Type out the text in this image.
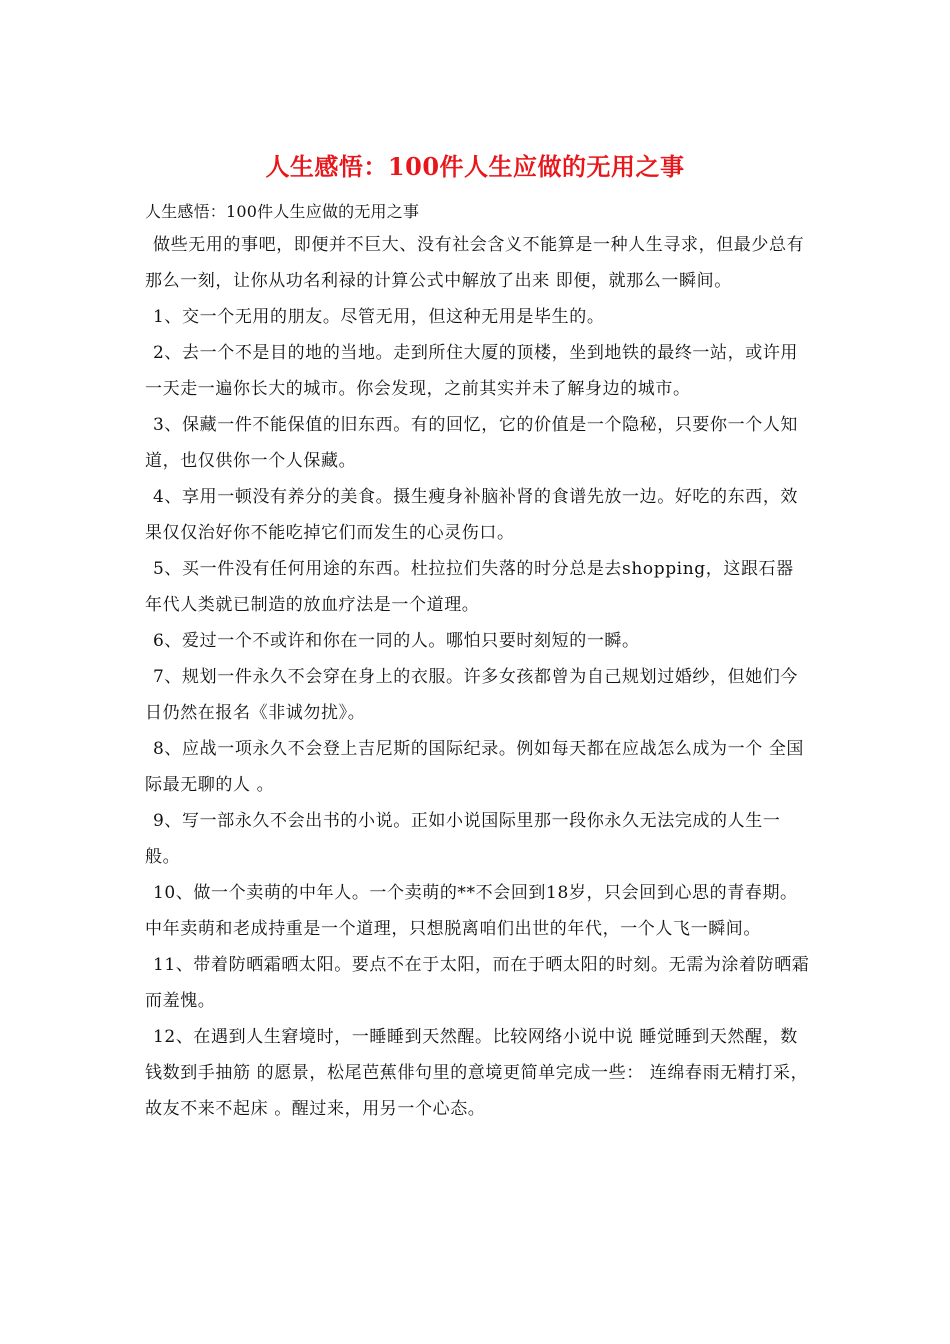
人生感悟：100件人生应做的无用之事

人生感悟：100件人生应做的无用之事

做些无用的事吧，即便并不巨大、没有社会含义不能算是一种人生寻求，但最少总有那么一刻，让你从功名利禄的计算公式中解放了出来 即便，就那么一瞬间。

1、交一个无用的朋友。尽管无用，但这种无用是毕生的。

2、去一个不是目的地的当地。走到所住大厦的顶楼，坐到地铁的最终一站，或许用一天走一遍你长大的城市。你会发现，之前其实并未了解身边的城市。

3、保藏一件不能保值的旧东西。有的回忆，它的价值是一个隐秘，只要你一个人知道，也仅供你一个人保藏。

4、享用一顿没有养分的美食。摄生瘦身补脑补肾的食谱先放一边。好吃的东西，效果仅仅治好你不能吃掉它们而发生的心灵伤口。

5、买一件没有任何用途的东西。杜拉拉们失落的时分总是去shopping，这跟石器年代人类就已制造的放血疗法是一个道理。

6、爱过一个不或许和你在一同的人。哪怕只要时刻短的一瞬。

7、规划一件永久不会穿在身上的衣服。许多女孩都曾为自己规划过婚纱，但她们今日仍然在报名《非诚勿扰》。

8、应战一项永久不会登上吉尼斯的国际纪录。例如每天都在应战怎么成为一个 全国际最无聊的人 。

9、写一部永久不会出书的小说。正如小说国际里那一段你永久无法完成的人生一般。

10、做一个卖萌的中年人。一个卖萌的**不会回到18岁，只会回到心思的青春期。中年卖萌和老成持重是一个道理，只想脱离咱们出世的年代，一个人飞一瞬间。

11、带着防晒霜晒太阳。要点不在于太阳，而在于晒太阳的时刻。无需为涂着防晒霜而羞愧。

12、在遇到人生窘境时，一睡睡到天然醒。比较网络小说中说 睡觉睡到天然醒，数钱数到手抽筋 的愿景，松尾芭蕉俳句里的意境更简单完成一些： 连绵春雨无精打采，故友不来不起床 。醒过来，用另一个心态。
